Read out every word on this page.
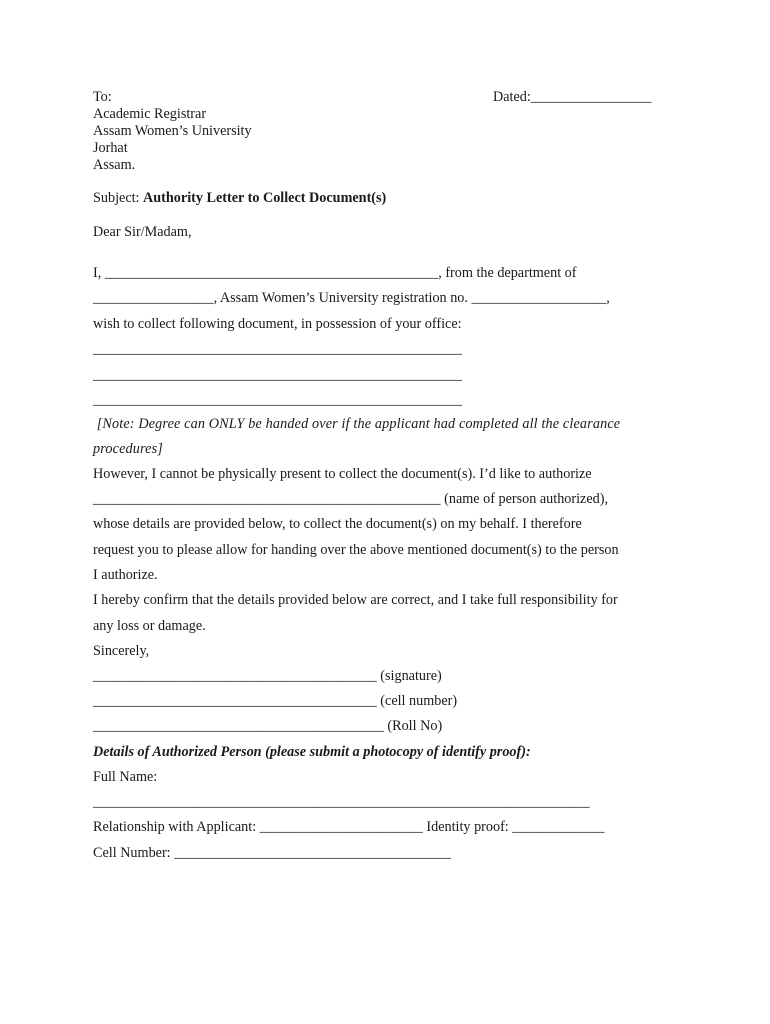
To:	Dated:_________________
Academic Registrar
Assam Women’s University
Jorhat
Assam.
Subject: Authority Letter to Collect Document(s)
Dear Sir/Madam,
I, _______________________________________________, from the department of
_________________, Assam Women’s University registration no. ___________________,
wish to collect following document, in possession of your office:
____________________________________________________
____________________________________________________
____________________________________________________
[Note: Degree can ONLY be handed over if the applicant had completed all the clearance
procedures]
However, I cannot be physically present to collect the document(s). I’d like to authorize
_________________________________________________ (name of person authorized),
whose details are provided below, to collect the document(s) on my behalf. I therefore
request you to please allow for handing over the above mentioned document(s) to the person
I authorize.
I hereby confirm that the details provided below are correct, and I take full responsibility for
any loss or damage.
Sincerely,
________________________________________ (signature)
________________________________________ (cell number)
_________________________________________ (Roll No)
Details of Authorized Person (please submit a photocopy of identify proof):
Full Name:
______________________________________________________________________
Relationship with Applicant: _______________________ Identity proof: _____________
Cell Number: _______________________________________
